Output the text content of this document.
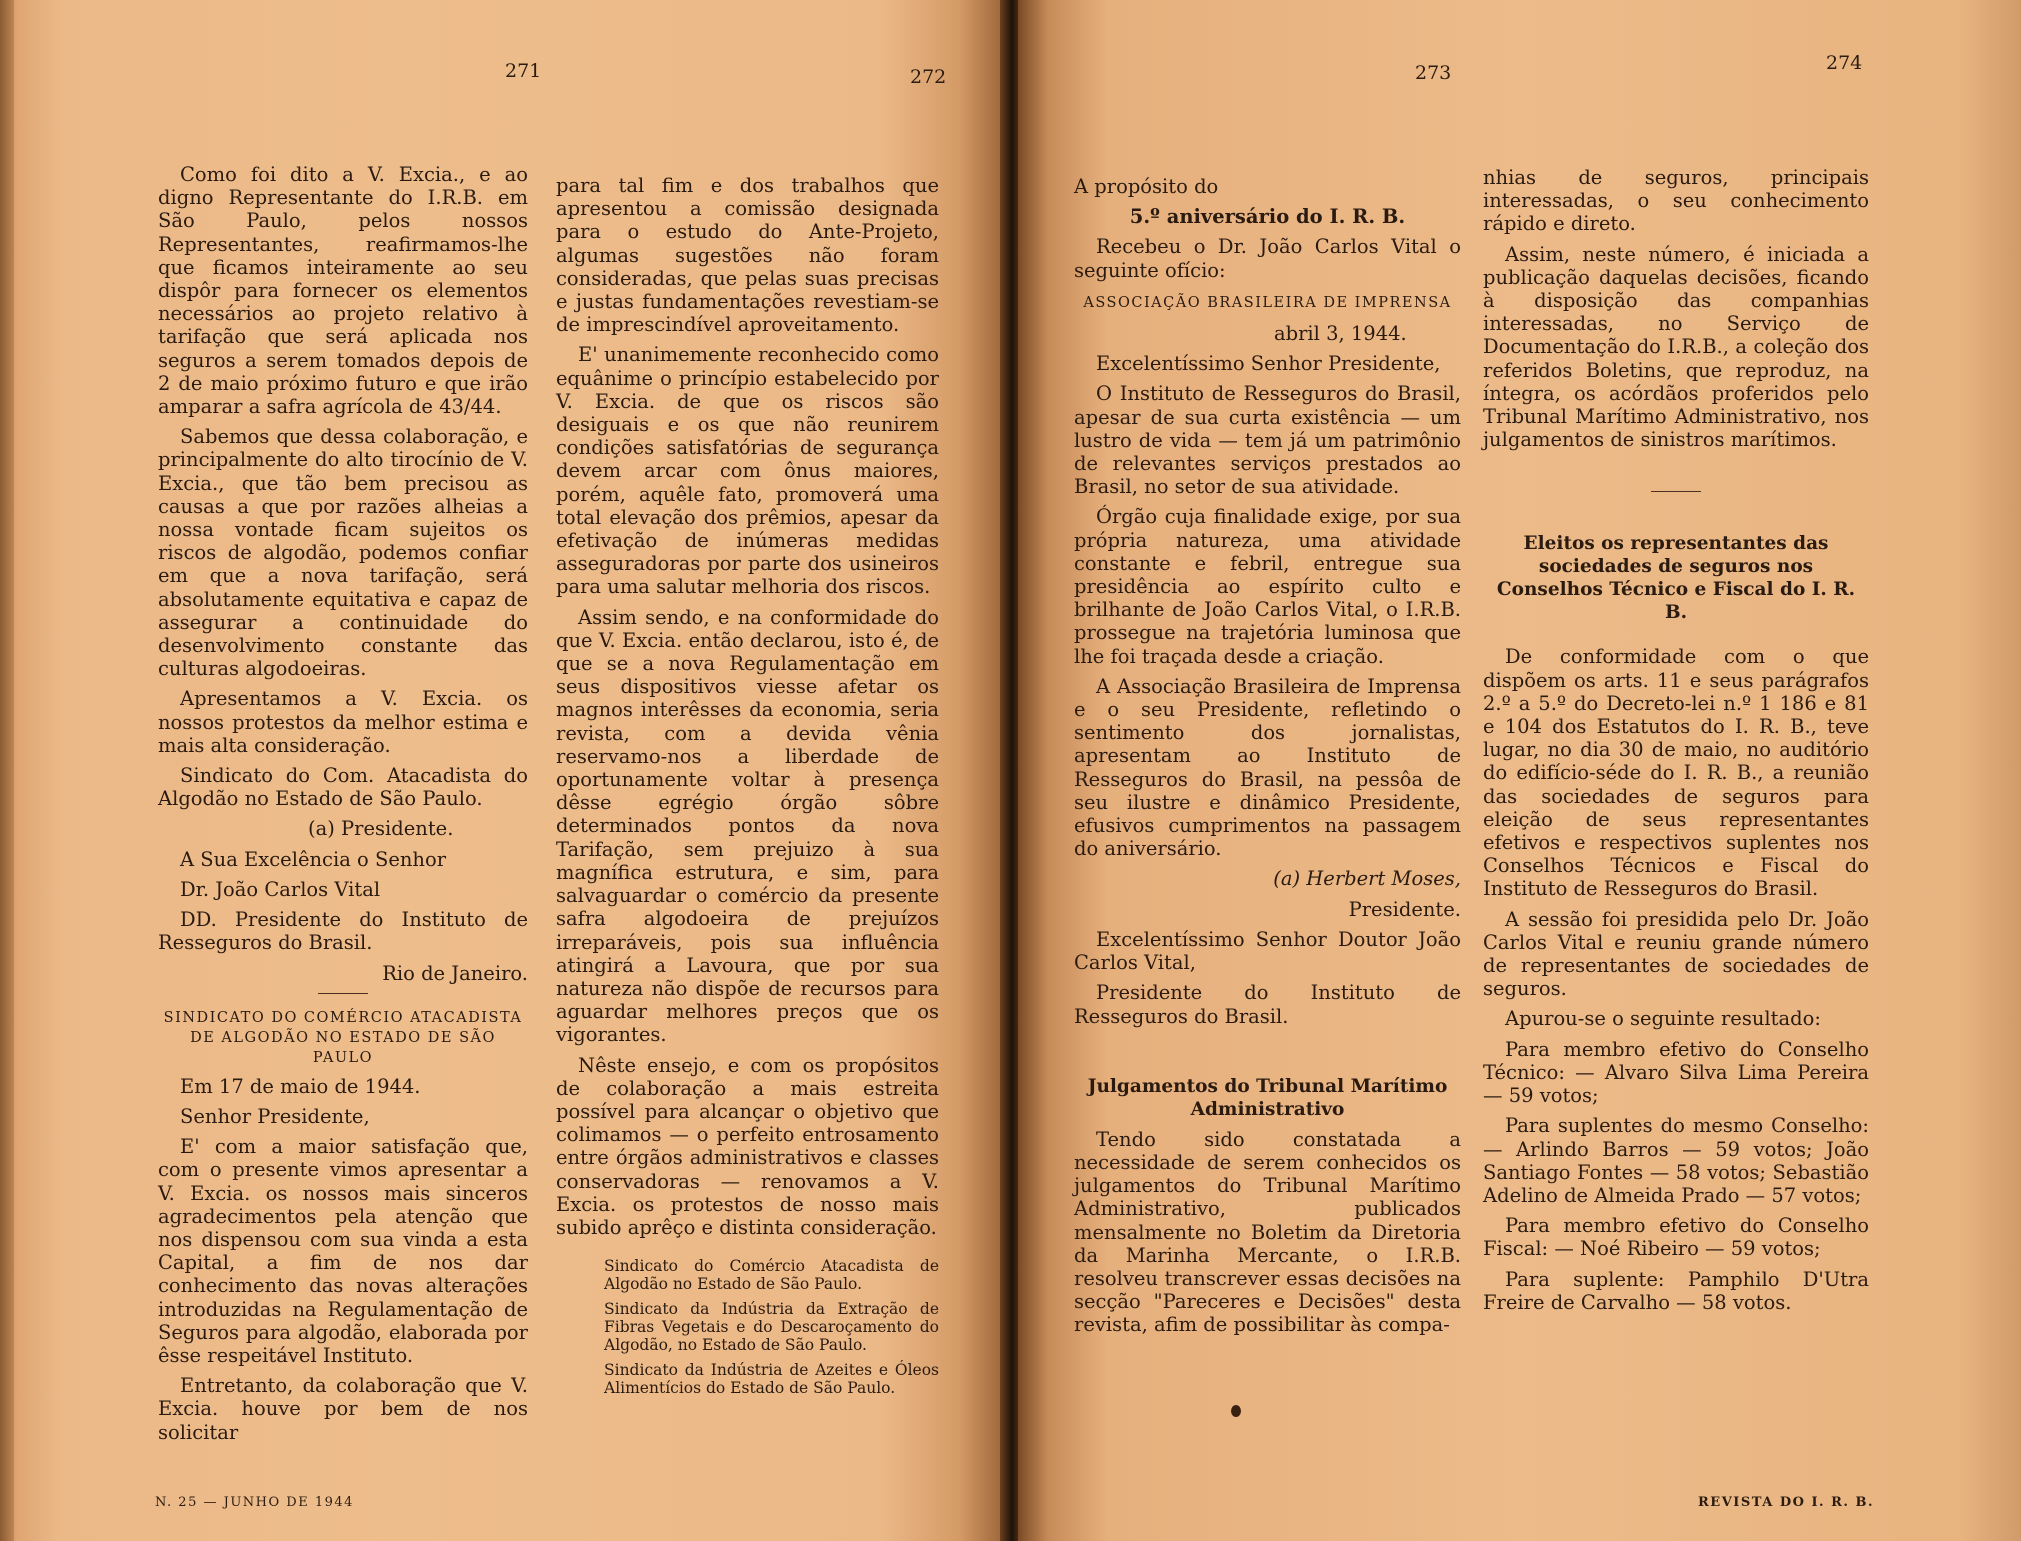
271	272

Como foi dito a V. Excia., e ao digno Representante do I.R.B. em São Paulo, pelos nossos Representantes, reafirmamos-lhe que ficamos inteiramente ao seu dispôr para fornecer os elementos necessários ao projeto relativo à tarifação que será aplicada nos seguros a serem tomados depois de 2 de maio próximo futuro e que irão amparar a safra agrícola de 43/44.

Sabemos que dessa colaboração, e principalmente do alto tirocínio de V. Excia., que tão bem precisou as causas a que por razões alheias a nossa vontade ficam sujeitos os riscos de algodão, podemos confiar em que a nova tarifação, será absolutamente equitativa e capaz de assegurar a continuidade do desenvolvimento constante das culturas algodoeiras.

Apresentamos a V. Excia. os nossos protestos da melhor estima e mais alta consideração.

Sindicato do Com. Atacadista do Algodão no Estado de São Paulo.

(a) Presidente.

A Sua Excelência o Senhor

Dr. João Carlos Vital

DD. Presidente do Instituto de Resseguros do Brasil.

Rio de Janeiro.

SINDICATO DO COMÉRCIO ATACADISTA DE ALGODÃO NO ESTADO DE SÃO PAULO

Em 17 de maio de 1944.

Senhor Presidente,

E' com a maior satisfação que, com o presente vimos apresentar a V. Excia. os nossos mais sinceros agradecimentos pela atenção que nos dispensou com sua vinda a esta Capital, a fim de nos dar conhecimento das novas alterações introduzidas na Regulamentação de Seguros para algodão, elaborada por êsse respeitável Instituto.

Entretanto, da colaboração que V. Excia. houve por bem de nos solicitar

para tal fim e dos trabalhos que apresentou a comissão designada para o estudo do Ante-Projeto, algumas sugestões não foram consideradas, que pelas suas precisas e justas fundamentações revestiam-se de imprescindível aproveitamento.

E' unanimemente reconhecido como equânime o princípio estabelecido por V. Excia. de que os riscos são desiguais e os que não reunirem condições satisfatórias de segurança devem arcar com ônus maiores, porém, aquêle fato, promoverá uma total elevação dos prêmios, apesar da efetivação de inúmeras medidas asseguradoras por parte dos usineiros para uma salutar melhoria dos riscos.

Assim sendo, e na conformidade do que V. Excia. então declarou, isto é, de que se a nova Regulamentação em seus dispositivos viesse afetar os magnos interêsses da economia, seria revista, com a devida vênia reservamo-nos a liberdade de oportunamente voltar à presença dêsse egrégio órgão sôbre determinados pontos da nova Tarifação, sem prejuizo à sua magnífica estrutura, e sim, para salvaguardar o comércio da presente safra algodoeira de prejuízos irreparáveis, pois sua influência atingirá a Lavoura, que por sua natureza não dispõe de recursos para aguardar melhores preços que os vigorantes.

Nêste ensejo, e com os propósitos de colaboração a mais estreita possível para alcançar o objetivo que colimamos — o perfeito entrosamento entre órgãos administrativos e classes conservadoras — renovamos a V. Excia. os protestos de nosso mais subido aprêço e distinta consideração.

Sindicato do Comércio Atacadista de Algodão no Estado de São Paulo.

Sindicato da Indústria da Extração de Fibras Vegetais e do Descaroçamento do Algodão, no Estado de São Paulo.

Sindicato da Indústria de Azeites e Óleos Alimentícios do Estado de São Paulo.

N. 25 — JUNHO DE 1944
273	274

A propósito do

5.º aniversário do I. R. B.

Recebeu o Dr. João Carlos Vital o seguinte ofício:

ASSOCIAÇÃO BRASILEIRA DE IMPRENSA

abril 3, 1944.

Excelentíssimo Senhor Presidente,

O Instituto de Resseguros do Brasil, apesar de sua curta existência — um lustro de vida — tem já um patrimônio de relevantes serviços prestados ao Brasil, no setor de sua atividade.

Órgão cuja finalidade exige, por sua própria natureza, uma atividade constante e febril, entregue sua presidência ao espírito culto e brilhante de João Carlos Vital, o I.R.B. prossegue na trajetória luminosa que lhe foi traçada desde a criação.

A Associação Brasileira de Imprensa e o seu Presidente, refletindo o sentimento dos jornalistas, apresentam ao Instituto de Resseguros do Brasil, na pessôa de seu ilustre e dinâmico Presidente, efusivos cumprimentos na passagem do aniversário.

(a) Herbert Moses,

Presidente.

Excelentíssimo Senhor Doutor João Carlos Vital,

Presidente do Instituto de Resseguros do Brasil.

Julgamentos do Tribunal Marítimo Administrativo

Tendo sido constatada a necessidade de serem conhecidos os julgamentos do Tribunal Marítimo Administrativo, publicados mensalmente no Boletim da Diretoria da Marinha Mercante, o I.R.B. resolveu transcrever essas decisões na secção "Pareceres e Decisões" desta revista, afim de possibilitar às compa-

nhias de seguros, principais interessadas, o seu conhecimento rápido e direto.

Assim, neste número, é iniciada a publicação daquelas decisões, ficando à disposição das companhias interessadas, no Serviço de Documentação do I.R.B., a coleção dos referidos Boletins, que reproduz, na íntegra, os acórdãos proferidos pelo Tribunal Marítimo Administrativo, nos julgamentos de sinistros marítimos.

Eleitos os representantes das sociedades de seguros nos Conselhos Técnico e Fiscal do I. R. B.

De conformidade com o que dispõem os arts. 11 e seus parágrafos 2.º a 5.º do Decreto-lei n.º 1 186 e 81 e 104 dos Estatutos do I. R. B., teve lugar, no dia 30 de maio, no auditório do edifício-séde do I. R. B., a reunião das sociedades de seguros para eleição de seus representantes efetivos e respectivos suplentes nos Conselhos Técnicos e Fiscal do Instituto de Resseguros do Brasil.

A sessão foi presidida pelo Dr. João Carlos Vital e reuniu grande número de representantes de sociedades de seguros.

Apurou-se o seguinte resultado:

Para membro efetivo do Conselho Técnico: — Alvaro Silva Lima Pereira — 59 votos;

Para suplentes do mesmo Conselho: — Arlindo Barros — 59 votos; João Santiago Fontes — 58 votos; Sebastião Adelino de Almeida Prado — 57 votos;

Para membro efetivo do Conselho Fiscal: — Noé Ribeiro — 59 votos;

Para suplente: Pamphilo D'Utra Freire de Carvalho — 58 votos.

REVISTA DO I. R. B.
